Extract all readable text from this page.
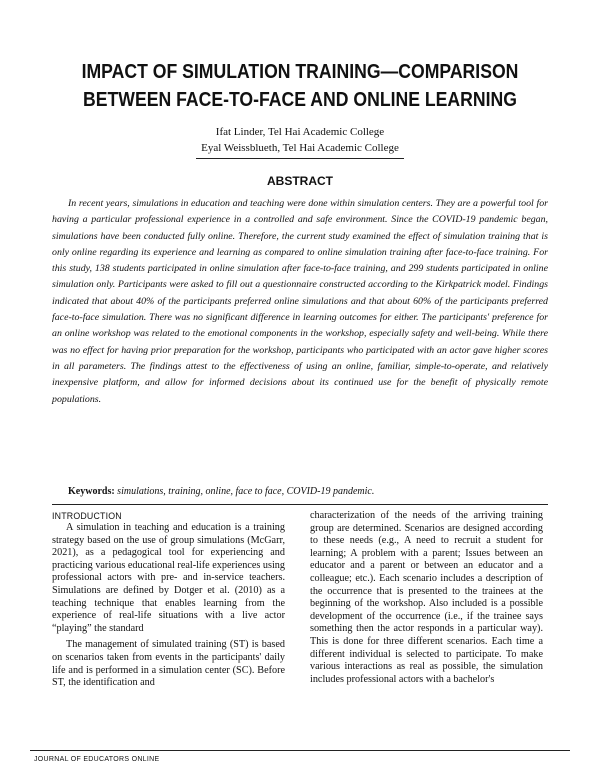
IMPACT OF SIMULATION TRAINING—COMPARISON BETWEEN FACE-TO-FACE AND ONLINE LEARNING
Ifat Linder, Tel Hai Academic College
Eyal Weissblueth, Tel Hai Academic College
ABSTRACT
In recent years, simulations in education and teaching were done within simulation centers. They are a powerful tool for having a particular professional experience in a controlled and safe environment. Since the COVID-19 pandemic began, simulations have been conducted fully online. Therefore, the current study examined the effect of simulation training that is only online regarding its experience and learning as compared to online simulation training after face-to-face training. For this study, 138 students participated in online simulation after face-to-face training, and 299 students participated in online simulation only. Participants were asked to fill out a questionnaire constructed according to the Kirkpatrick model. Findings indicated that about 40% of the participants preferred online simulations and that about 60% of the participants preferred face-to-face simulation. There was no significant difference in learning outcomes for either. The participants' preference for an online workshop was related to the emotional components in the workshop, especially safety and well-being. While there was no effect for having prior preparation for the workshop, participants who participated with an actor gave higher scores in all parameters. The findings attest to the effectiveness of using an online, familiar, simple-to-operate, and relatively inexpensive platform, and allow for informed decisions about its continued use for the benefit of physically remote populations.
Keywords: simulations, training, online, face to face, COVID-19 pandemic.
INTRODUCTION

A simulation in teaching and education is a training strategy based on the use of group simulations (McGarr, 2021), as a pedagogical tool for experiencing and practicing various educational real-life experiences using professional actors with pre- and in-service teachers. Simulations are defined by Dotger et al. (2010) as a teaching technique that enables learning from the experience of real-life situations with a live actor “playing” the standard

The management of simulated training (ST) is based on scenarios taken from events in the participants' daily life and is performed in a simulation center (SC). Before ST, the identification and

characterization of the needs of the arriving training group are determined. Scenarios are designed according to these needs (e.g., A need to recruit a student for learning; A problem with a parent; Issues between an educator and a parent or between an educator and a colleague; etc.). Each scenario includes a description of the occurrence that is presented to the trainees at the beginning of the workshop. Also included is a possible development of the occurrence (i.e., if the trainee says something then the actor responds in a particular way). This is done for three different scenarios. Each time a different individual is selected to participate. To make various interactions as real as possible, the simulation includes professional actors with a bachelor's

JOURNAL OF EDUCATORS ONLINE
